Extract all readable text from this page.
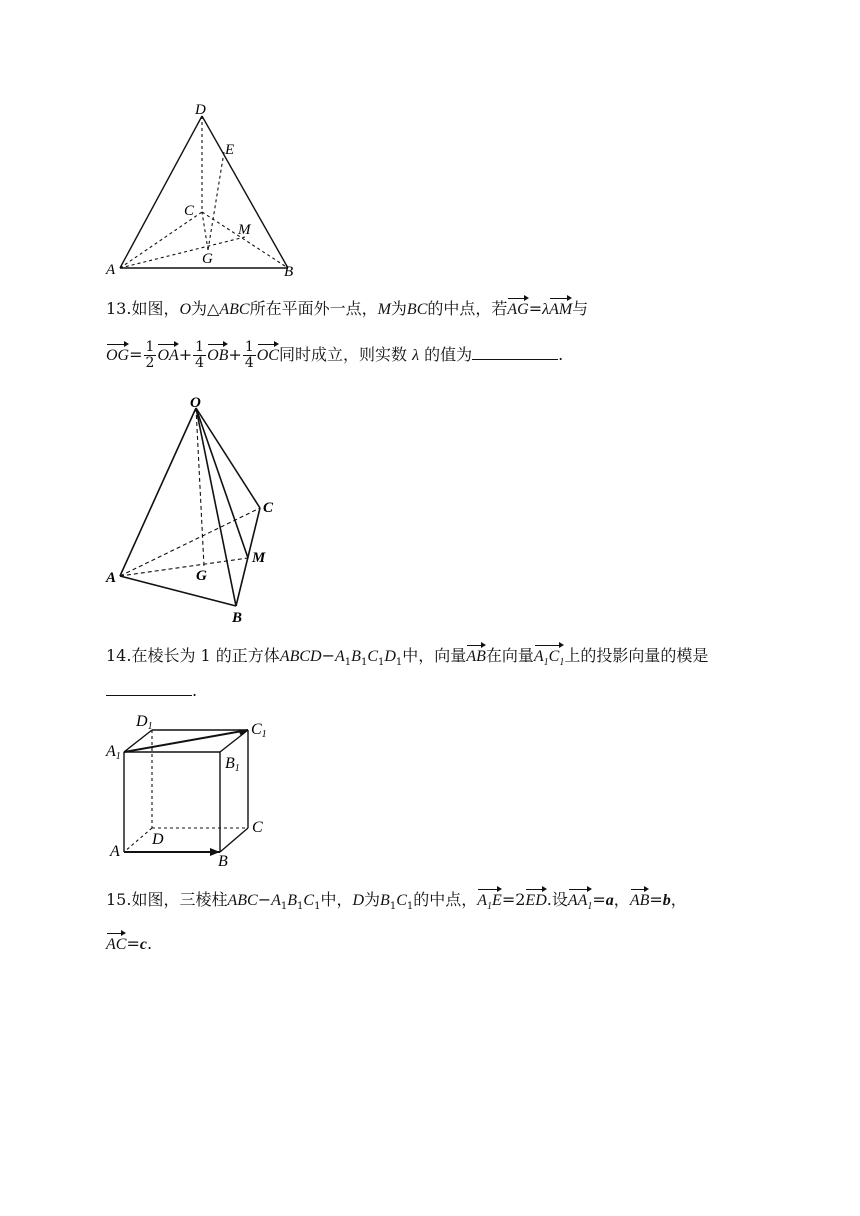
D
E
C
M
A
G
B
13.如图，O为△ABC所在平面外一点，M为BC的中点，若AG=λAM与
$OG= \frac{1}{2} OA+ \frac{1}{4} OB+ \frac{1}{4}$ OC同时成立，则实数 λ 的值为	.
O
C
M
A	G
B
14.在棱长为 1 的正方体$ABCD-A_1B_1C_1D_1$中，向量AB在向量$A_1C_1$上的投影向量的模是
.
D1	C1
A1	B1
D
C
A
B
15.如图，三棱柱$ABC-A_1B_1C_1$中，D为$B_1C_1$的中点，$A_1E=2ED$.设$AA_1=a$，AB=b，
AC=c.
